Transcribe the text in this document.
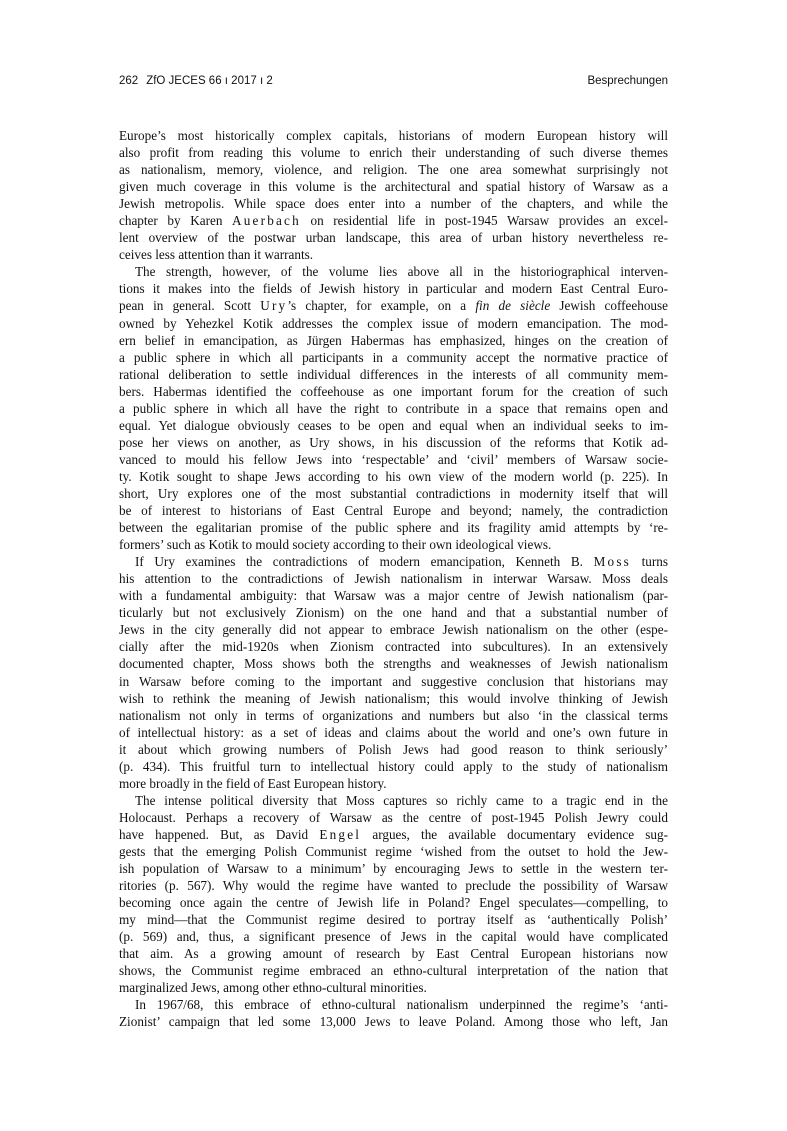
262 ZfO JECES 66 ı 2017 ı 2	Besprechungen
Europe’s most historically complex capitals, historians of modern European history will
also profit from reading this volume to enrich their understanding of such diverse themes
as nationalism, memory, violence, and religion. The one area somewhat surprisingly not
given much coverage in this volume is the architectural and spatial history of Warsaw as a
Jewish metropolis. While space does enter into a number of the chapters, and while the
chapter by Karen Auerbach on residential life in post-1945 Warsaw provides an excel-
lent overview of the postwar urban landscape, this area of urban history nevertheless re-
ceives less attention than it warrants.
The strength, however, of the volume lies above all in the historiographical interven-
tions it makes into the fields of Jewish history in particular and modern East Central Euro-
pean in general. Scott Ury’s chapter, for example, on a fin de siècle Jewish coffeehouse
owned by Yehezkel Kotik addresses the complex issue of modern emancipation. The mod-
ern belief in emancipation, as Jürgen Habermas has emphasized, hinges on the creation of
a public sphere in which all participants in a community accept the normative practice of
rational deliberation to settle individual differences in the interests of all community mem-
bers. Habermas identified the coffeehouse as one important forum for the creation of such
a public sphere in which all have the right to contribute in a space that remains open and
equal. Yet dialogue obviously ceases to be open and equal when an individual seeks to im-
pose her views on another, as Ury shows, in his discussion of the reforms that Kotik ad-
vanced to mould his fellow Jews into ‘respectable’ and ‘civil’ members of Warsaw socie-
ty. Kotik sought to shape Jews according to his own view of the modern world (p. 225). In
short, Ury explores one of the most substantial contradictions in modernity itself that will
be of interest to historians of East Central Europe and beyond; namely, the contradiction
between the egalitarian promise of the public sphere and its fragility amid attempts by ‘re-
formers’ such as Kotik to mould society according to their own ideological views.
If Ury examines the contradictions of modern emancipation, Kenneth B. Moss turns
his attention to the contradictions of Jewish nationalism in interwar Warsaw. Moss deals
with a fundamental ambiguity: that Warsaw was a major centre of Jewish nationalism (par-
ticularly but not exclusively Zionism) on the one hand and that a substantial number of
Jews in the city generally did not appear to embrace Jewish nationalism on the other (espe-
cially after the mid-1920s when Zionism contracted into subcultures). In an extensively
documented chapter, Moss shows both the strengths and weaknesses of Jewish nationalism
in Warsaw before coming to the important and suggestive conclusion that historians may
wish to rethink the meaning of Jewish nationalism; this would involve thinking of Jewish
nationalism not only in terms of organizations and numbers but also ‘in the classical terms
of intellectual history: as a set of ideas and claims about the world and one’s own future in
it about which growing numbers of Polish Jews had good reason to think seriously’
(p. 434). This fruitful turn to intellectual history could apply to the study of nationalism
more broadly in the field of East European history.
The intense political diversity that Moss captures so richly came to a tragic end in the
Holocaust. Perhaps a recovery of Warsaw as the centre of post-1945 Polish Jewry could
have happened. But, as David Engel argues, the available documentary evidence sug-
gests that the emerging Polish Communist regime ‘wished from the outset to hold the Jew-
ish population of Warsaw to a minimum’ by encouraging Jews to settle in the western ter-
ritories (p. 567). Why would the regime have wanted to preclude the possibility of Warsaw
becoming once again the centre of Jewish life in Poland? Engel speculates—compelling, to
my mind—that the Communist regime desired to portray itself as ‘authentically Polish’
(p. 569) and, thus, a significant presence of Jews in the capital would have complicated
that aim. As a growing amount of research by East Central European historians now
shows, the Communist regime embraced an ethno-cultural interpretation of the nation that
marginalized Jews, among other ethno-cultural minorities.
In 1967/68, this embrace of ethno-cultural nationalism underpinned the regime’s ‘anti-
Zionist’ campaign that led some 13,000 Jews to leave Poland. Among those who left, Jan
